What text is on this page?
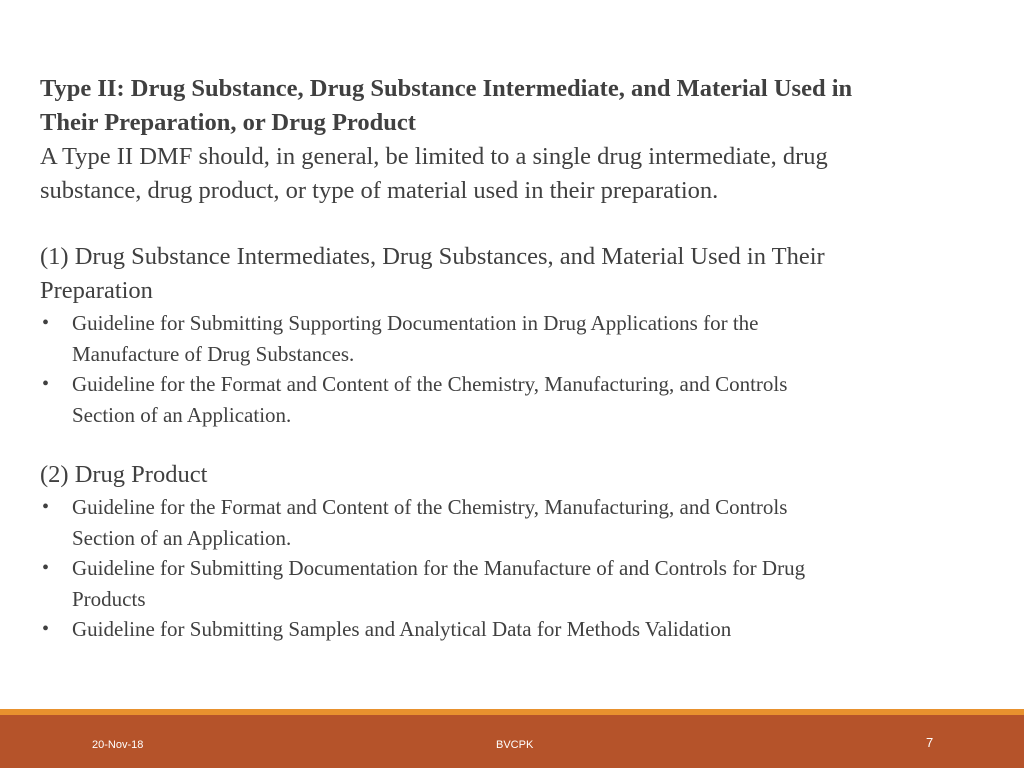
Type II: Drug Substance, Drug Substance Intermediate, and Material Used in
Their Preparation, or Drug Product
A Type II DMF should, in general, be limited to a single drug intermediate, drug
substance, drug product, or type of material used in their preparation.
(1) Drug Substance Intermediates, Drug Substances, and Material Used in Their
Preparation
• Guideline for Submitting Supporting Documentation in Drug Applications for the
Manufacture of Drug Substances.
• Guideline for the Format and Content of the Chemistry, Manufacturing, and Controls
Section of an Application.
(2) Drug Product
• Guideline for the Format and Content of the Chemistry, Manufacturing, and Controls
Section of an Application.
• Guideline for Submitting Documentation for the Manufacture of and Controls for Drug
Products
• Guideline for Submitting Samples and Analytical Data for Methods Validation
20-Nov-18	BVCPK	7
